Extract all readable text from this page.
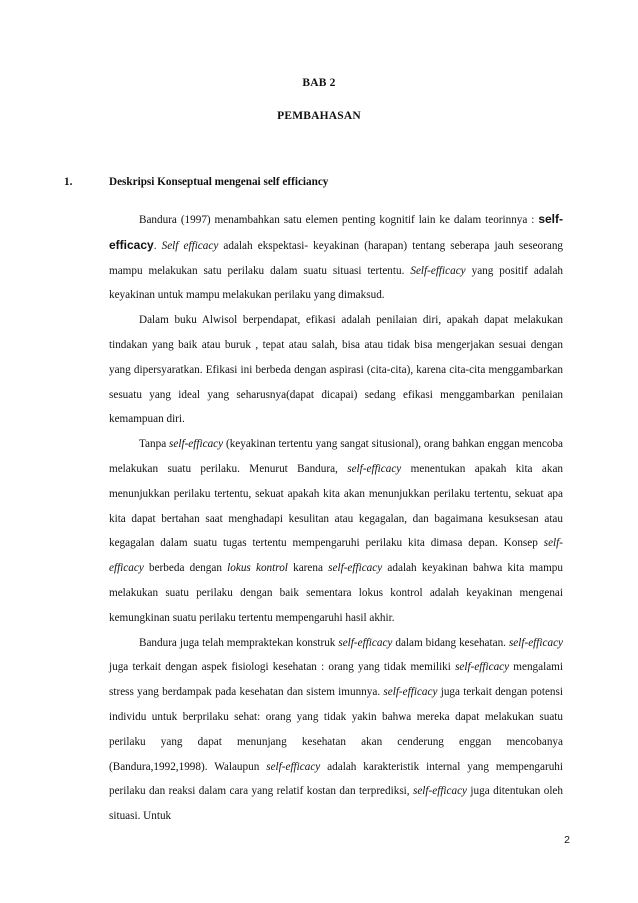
BAB 2
PEMBAHASAN
1.	Deskripsi Konseptual mengenai self efficiancy

Bandura (1997) menambahkan satu elemen penting kognitif lain ke dalam teorinnya : self-efficacy. Self efficacy adalah ekspektasi- keyakinan (harapan) tentang seberapa jauh seseorang mampu melakukan satu perilaku dalam suatu situasi tertentu. Self-efficacy yang positif adalah keyakinan untuk mampu melakukan perilaku yang dimaksud.

Dalam buku Alwisol berpendapat, efikasi adalah penilaian diri, apakah dapat melakukan tindakan yang baik atau buruk , tepat atau salah, bisa atau tidak bisa mengerjakan sesuai dengan yang dipersyaratkan. Efikasi ini berbeda dengan aspirasi (cita-cita), karena cita-cita menggambarkan sesuatu yang ideal yang seharusnya(dapat dicapai) sedang efikasi menggambarkan penilaian kemampuan diri.

Tanpa self-efficacy (keyakinan tertentu yang sangat situsional), orang bahkan enggan mencoba melakukan suatu perilaku. Menurut Bandura, self-efficacy menentukan apakah kita akan menunjukkan perilaku tertentu, sekuat apakah kita akan menunjukkan perilaku tertentu, sekuat apa kita dapat bertahan saat menghadapi kesulitan atau kegagalan, dan bagaimana kesuksesan atau kegagalan dalam suatu tugas tertentu mempengaruhi perilaku kita dimasa depan. Konsep self-efficacy berbeda dengan lokus kontrol karena self-efficacy adalah keyakinan bahwa kita mampu melakukan suatu perilaku dengan baik sementara lokus kontrol adalah keyakinan mengenai kemungkinan suatu perilaku tertentu mempengaruhi hasil akhir.

Bandura juga telah mempraktekan konstruk self-efficacy dalam bidang kesehatan. self-efficacy juga terkait dengan aspek fisiologi kesehatan : orang yang tidak memiliki self-efficacy mengalami stress yang berdampak pada kesehatan dan sistem imunnya. self-efficacy juga terkait dengan potensi individu untuk berprilaku sehat: orang yang tidak yakin bahwa mereka dapat melakukan suatu perilaku yang dapat menunjang kesehatan akan cenderung enggan mencobanya (Bandura,1992,1998). Walaupun self-efficacy adalah karakteristik internal yang mempengaruhi perilaku dan reaksi dalam cara yang relatif kostan dan terprediksi, self-efficacy juga ditentukan oleh situasi. Untuk

2
